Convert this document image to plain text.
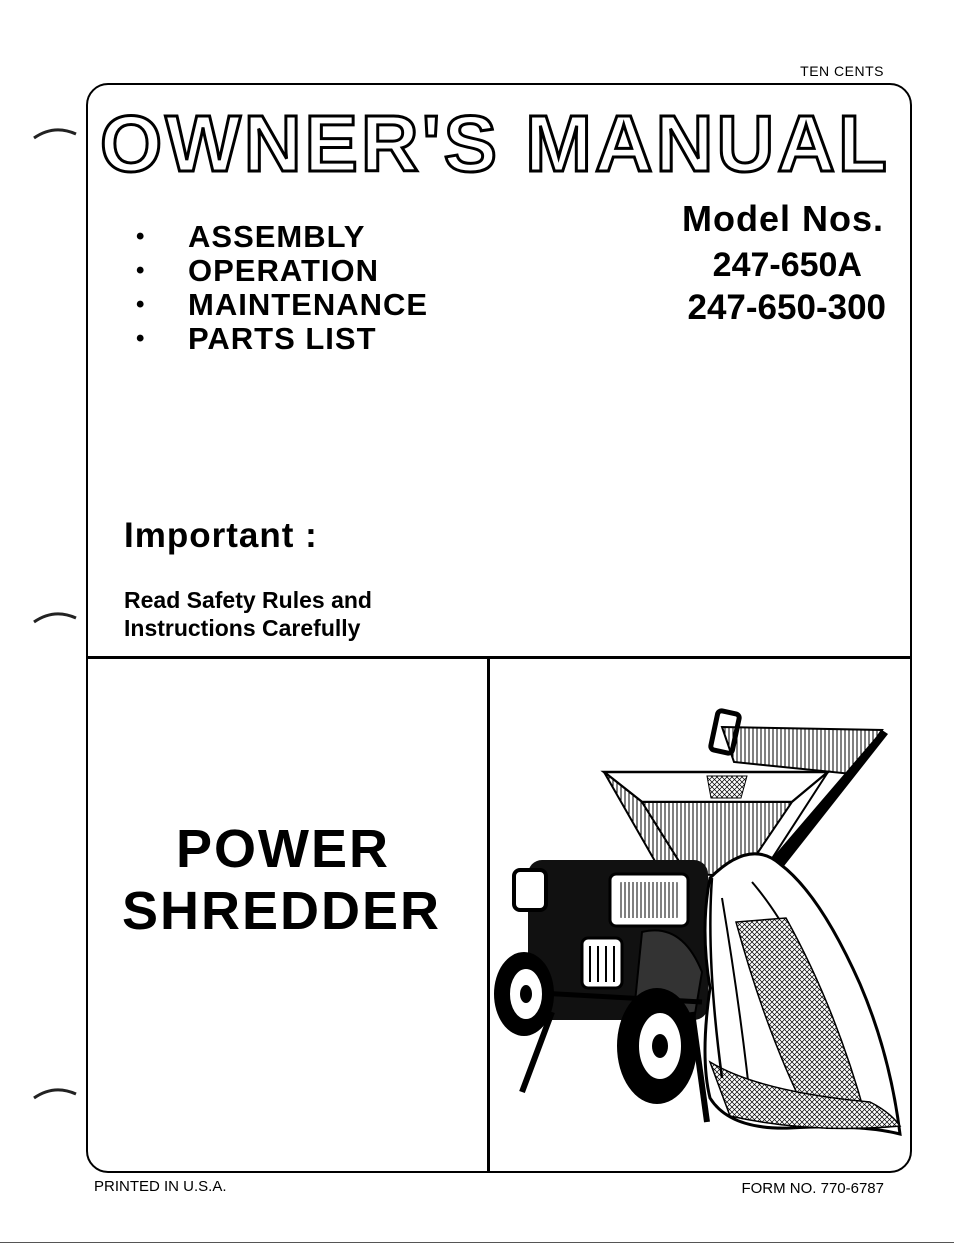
TEN CENTS
OWNER'S MANUAL
•	ASSEMBLY
•	OPERATION
•	MAINTENANCE
•	PARTS LIST
Model Nos.
247-650A
247-650-300
Important :
Read Safety Rules and
Instructions Carefully
POWER
SHREDDER
PRINTED IN U.S.A.	FORM NO. 770-6787
